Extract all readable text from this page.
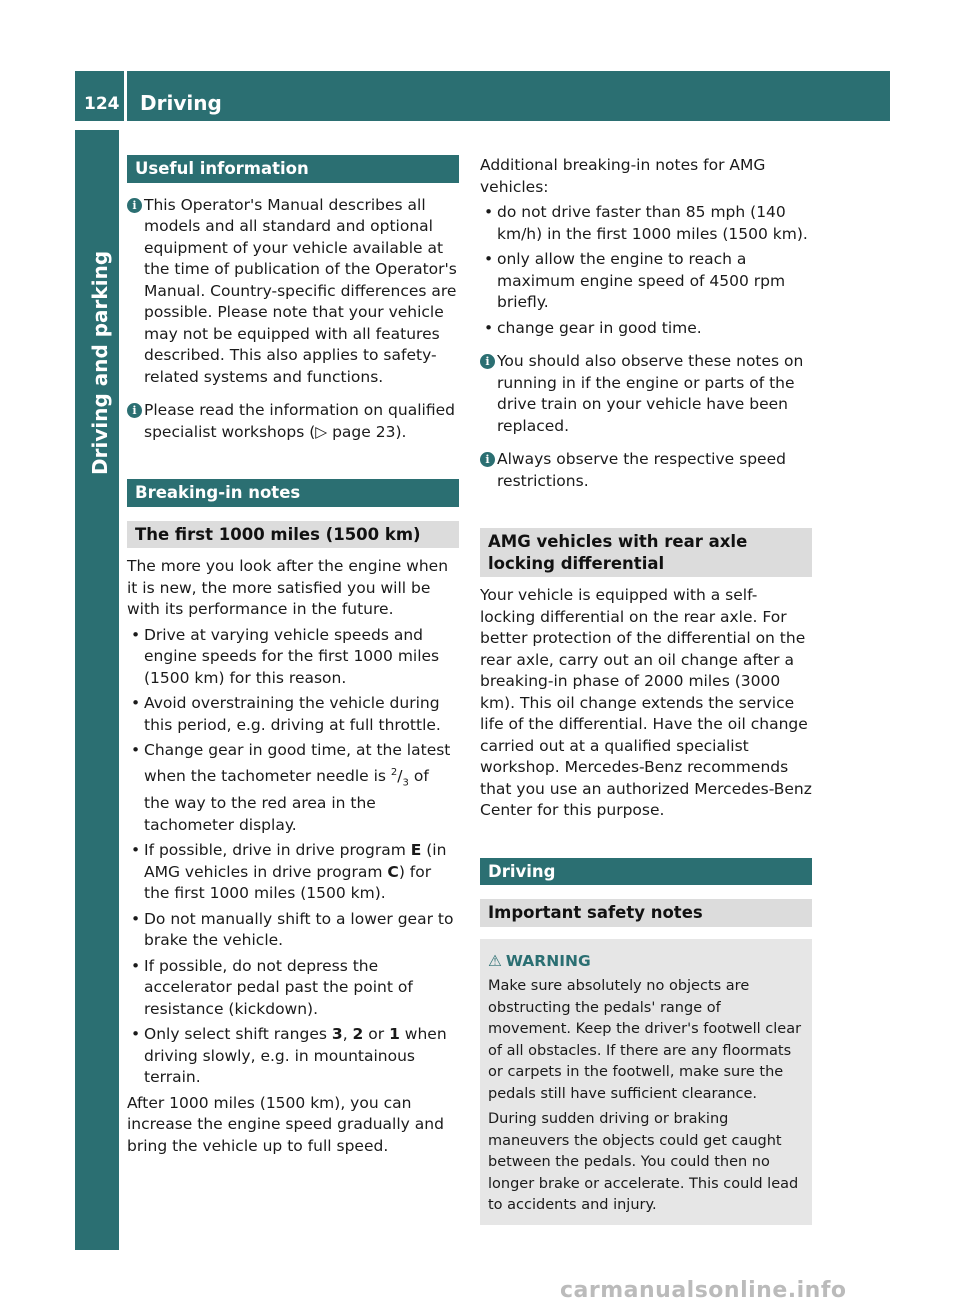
124 Driving
Driving and parking
Useful information
i This Operator's Manual describes all models and all standard and optional equipment of your vehicle available at the time of publication of the Operator's Manual. Country-specific differences are possible. Please note that your vehicle may not be equipped with all features described. This also applies to safety-related systems and functions.
i Please read the information on qualified specialist workshops (▷ page 23).
Breaking-in notes
The first 1000 miles (1500 km)
The more you look after the engine when it is new, the more satisfied you will be with its performance in the future.
• Drive at varying vehicle speeds and engine speeds for the first 1000 miles (1500 km) for this reason.
• Avoid overstraining the vehicle during this period, e.g. driving at full throttle.
• Change gear in good time, at the latest when the tachometer needle is $^2/_3$ of the way to the red area in the tachometer display.
• If possible, drive in drive program E (in AMG vehicles in drive program C) for the first 1000 miles (1500 km).
• Do not manually shift to a lower gear to brake the vehicle.
• If possible, do not depress the accelerator pedal past the point of resistance (kickdown).
• Only select shift ranges 3, 2 or 1 when driving slowly, e.g. in mountainous terrain.
After 1000 miles (1500 km), you can increase the engine speed gradually and bring the vehicle up to full speed.
Additional breaking-in notes for AMG vehicles:
• do not drive faster than 85 mph (140 km/h) in the first 1000 miles (1500 km).
• only allow the engine to reach a maximum engine speed of 4500 rpm briefly.
• change gear in good time.
i You should also observe these notes on running in if the engine or parts of the drive train on your vehicle have been replaced.
i Always observe the respective speed restrictions.
AMG vehicles with rear axle locking differential
Your vehicle is equipped with a self-locking differential on the rear axle. For better protection of the differential on the rear axle, carry out an oil change after a breaking-in phase of 2000 miles (3000 km). This oil change extends the service life of the differential. Have the oil change carried out at a qualified specialist workshop. Mercedes-Benz recommends that you use an authorized Mercedes-Benz Center for this purpose.
Driving
Important safety notes
⚠ WARNING
Make sure absolutely no objects are obstructing the pedals' range of movement. Keep the driver's footwell clear of all obstacles. If there are any floormats or carpets in the footwell, make sure the pedals still have sufficient clearance.
During sudden driving or braking maneuvers the objects could get caught between the pedals. You could then no longer brake or accelerate. This could lead to accidents and injury.
carmanualsonline.info
